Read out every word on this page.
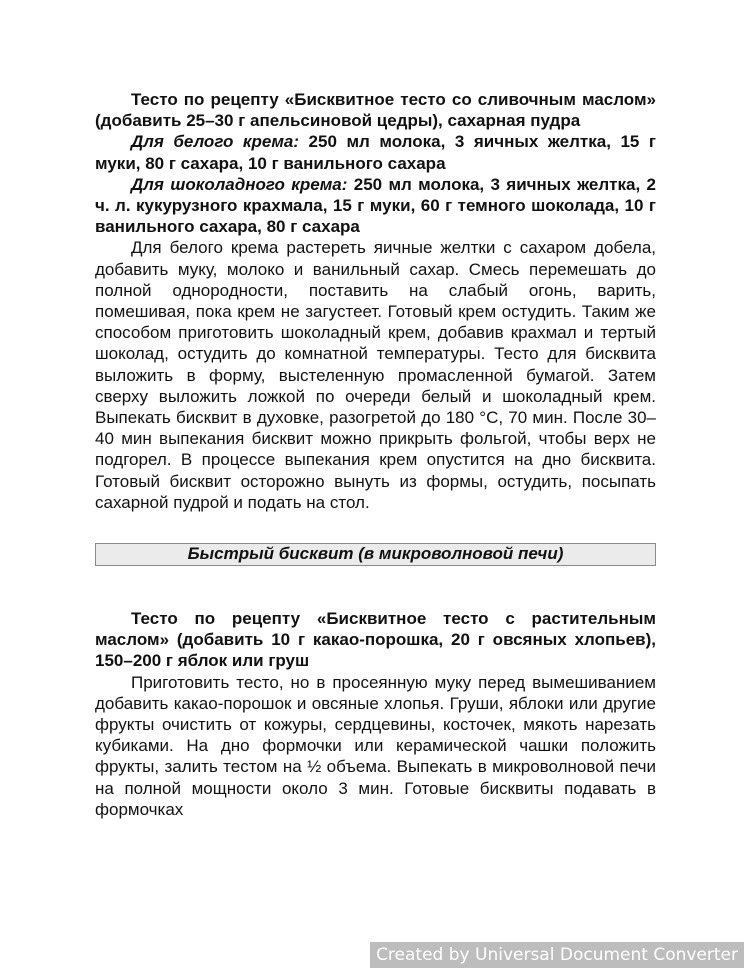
Тесто по рецепту «Бисквитное тесто со сливочным маслом» (добавить 25–30 г апельсиновой цедры), сахарная пудра

Для белого крема: 250 мл молока, 3 яичных желтка, 15 г муки, 80 г сахара, 10 г ванильного сахара

Для шоколадного крема: 250 мл молока, 3 яичных желтка, 2 ч. л. кукурузного крахмала, 15 г муки, 60 г темного шоколада, 10 г ванильного сахара, 80 г сахара

Для белого крема растереть яичные желтки с сахаром добела, добавить муку, молоко и ванильный сахар. Смесь перемешать до полной однородности, поставить на слабый огонь, варить, помешивая, пока крем не загустеет. Готовый крем остудить. Таким же способом приготовить шоколадный крем, добавив крахмал и тертый шоколад, остудить до комнатной температуры. Тесто для бисквита выложить в форму, выстеленную промасленной бумагой. Затем сверху выложить ложкой по очереди белый и шоколадный крем. Выпекать бисквит в духовке, разогретой до 180 °С, 70 мин. После 30–40 мин выпекания бисквит можно прикрыть фольгой, чтобы верх не подгорел. В процессе выпекания крем опустится на дно бисквита. Готовый бисквит осторожно вынуть из формы, остудить, посыпать сахарной пудрой и подать на стол.

Быстрый бисквит (в микроволновой печи)

Тесто по рецепту «Бисквитное тесто с растительным маслом» (добавить 10 г какао-порошка, 20 г овсяных хлопьев), 150–200 г яблок или груш

Приготовить тесто, но в просеянную муку перед вымешиванием добавить какао-порошок и овсяные хлопья. Груши, яблоки или другие фрукты очистить от кожуры, сердцевины, косточек, мякоть нарезать кубиками. На дно формочки или керамической чашки положить фрукты, залить тестом на ½ объема. Выпекать в микроволновой печи на полной мощности около 3 мин. Готовые бисквиты подавать в формочках

Created by Universal Document Converter
